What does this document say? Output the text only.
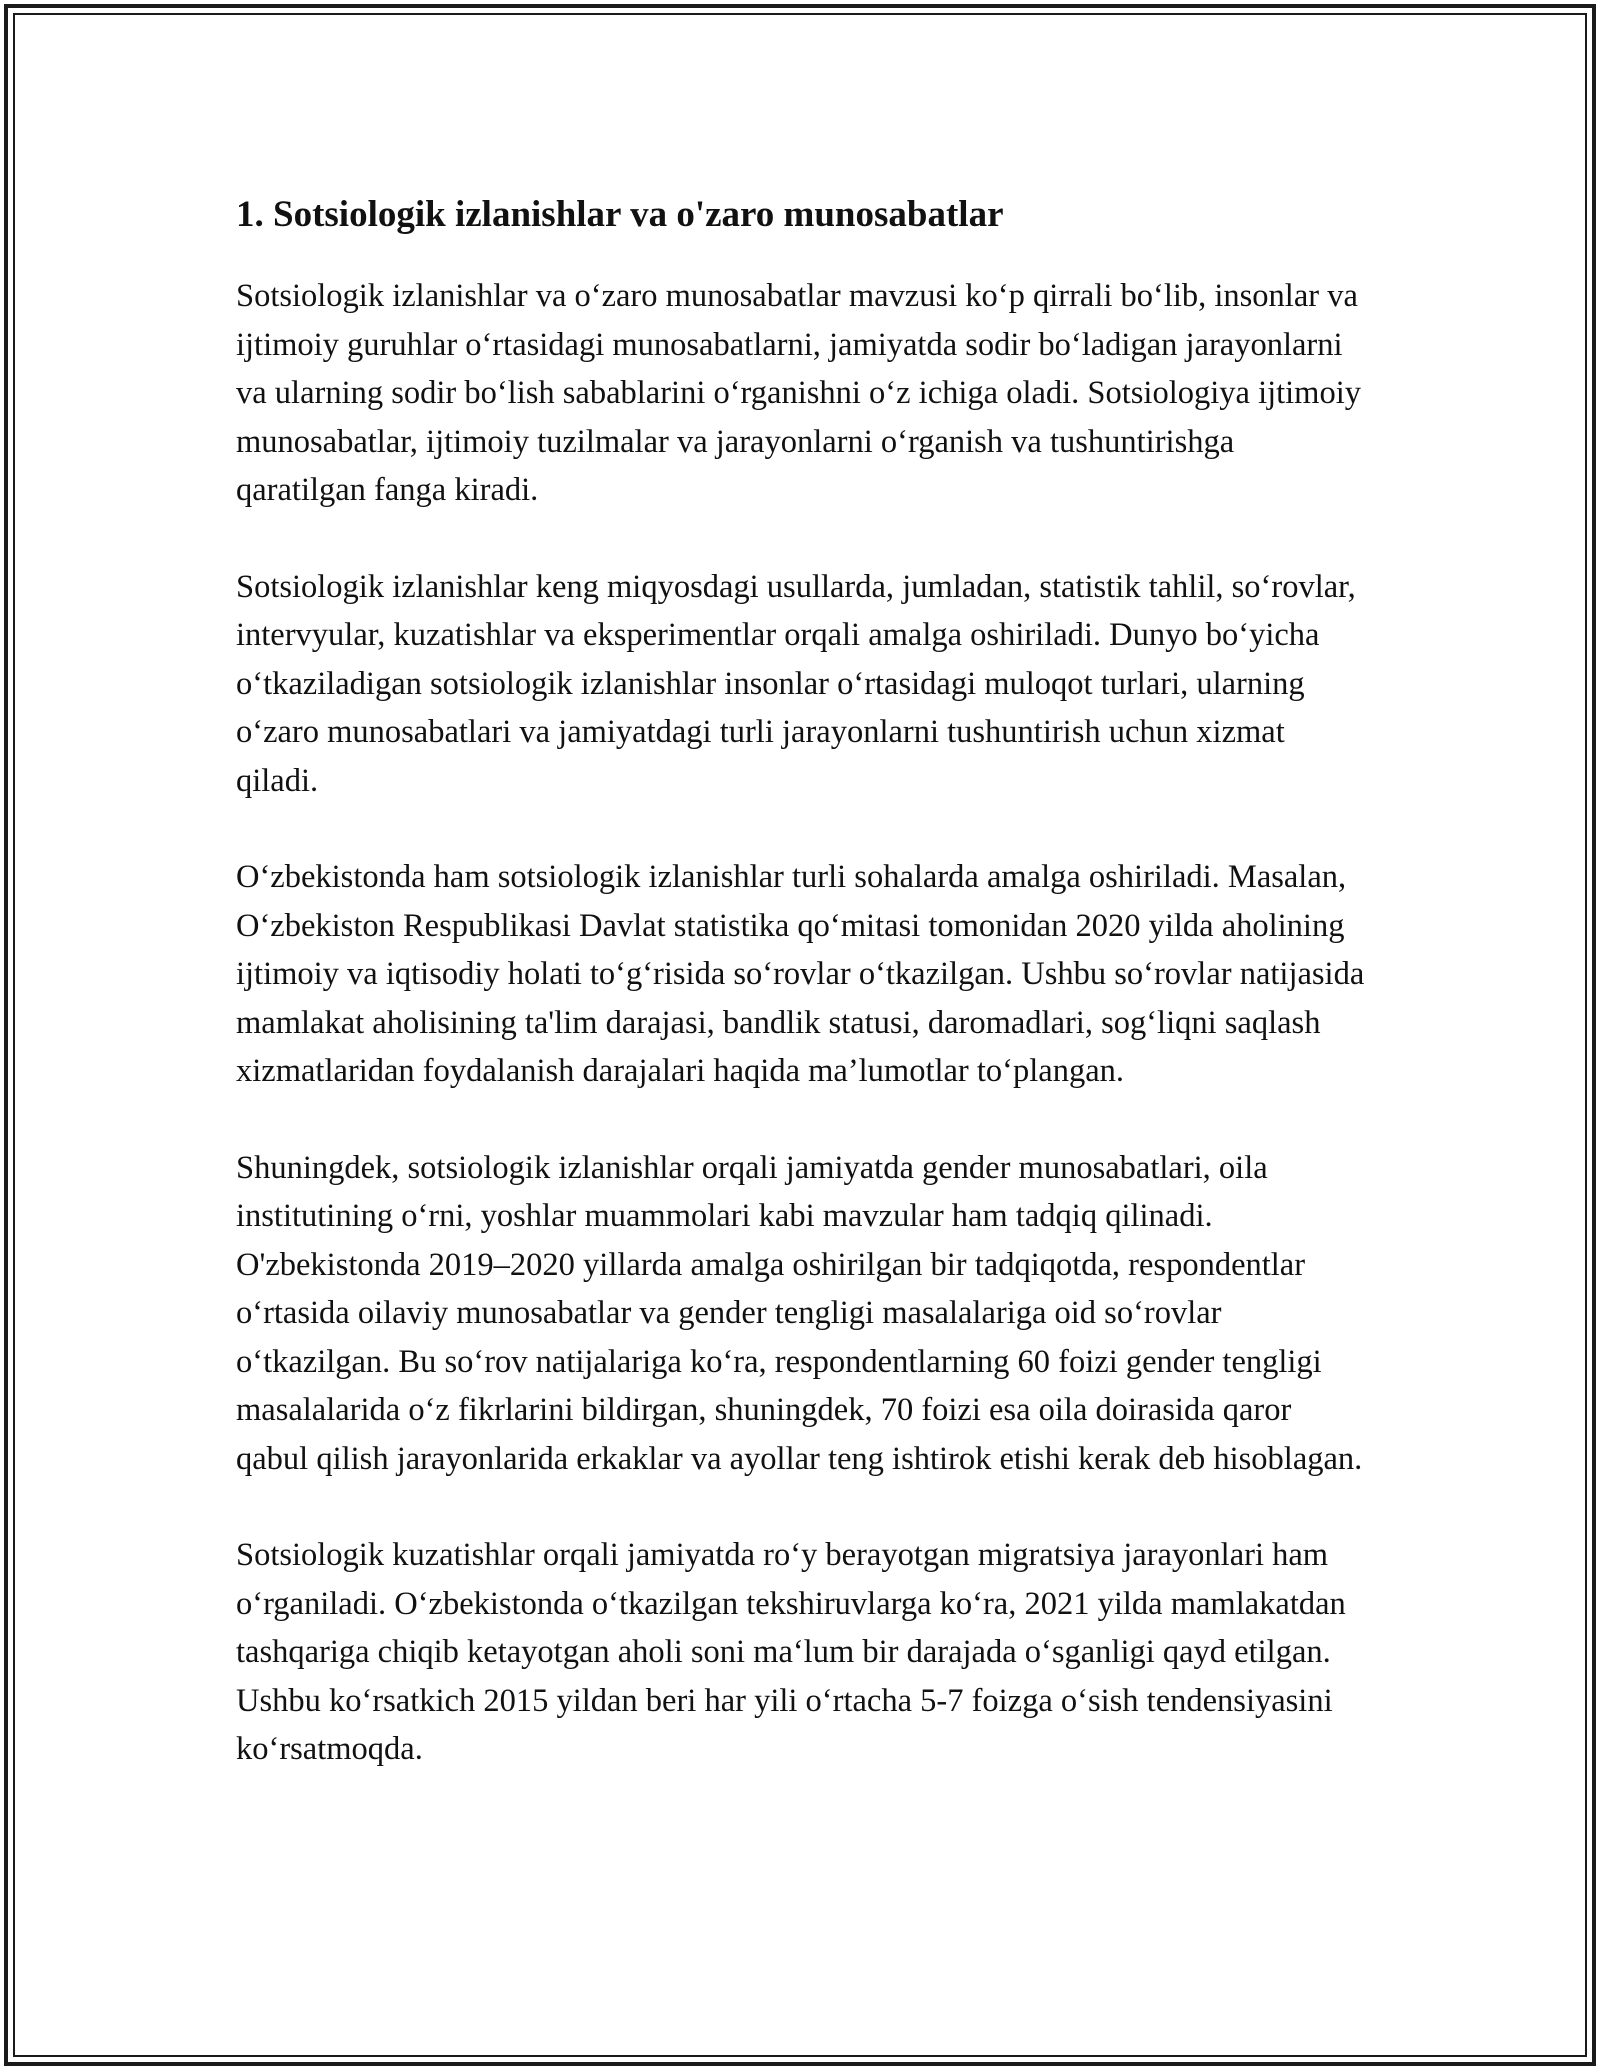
1. Sotsiologik izlanishlar va o'zaro munosabatlar

Sotsiologik izlanishlar va o‘zaro munosabatlar mavzusi ko‘p qirrali bo‘lib, insonlar va ijtimoiy guruhlar o‘rtasidagi munosabatlarni, jamiyatda sodir bo‘ladigan jarayonlarni va ularning sodir bo‘lish sabablarini o‘rganishni o‘z ichiga oladi. Sotsiologiya ijtimoiy munosabatlar, ijtimoiy tuzilmalar va jarayonlarni o‘rganish va tushuntirishga qaratilgan fanga kiradi.

Sotsiologik izlanishlar keng miqyosdagi usullarda, jumladan, statistik tahlil, so‘rovlar, intervyular, kuzatishlar va eksperimentlar orqali amalga oshiriladi. Dunyo bo‘yicha o‘tkaziladigan sotsiologik izlanishlar insonlar o‘rtasidagi muloqot turlari, ularning o‘zaro munosabatlari va jamiyatdagi turli jarayonlarni tushuntirish uchun xizmat qiladi.

O‘zbekistonda ham sotsiologik izlanishlar turli sohalarda amalga oshiriladi. Masalan, O‘zbekiston Respublikasi Davlat statistika qo‘mitasi tomonidan 2020 yilda aholining ijtimoiy va iqtisodiy holati to‘g‘risida so‘rovlar o‘tkazilgan. Ushbu so‘rovlar natijasida mamlakat aholisining ta'lim darajasi, bandlik statusi, daromadlari, sog‘liqni saqlash xizmatlaridan foydalanish darajalari haqida ma’lumotlar to‘plangan.

Shuningdek, sotsiologik izlanishlar orqali jamiyatda gender munosabatlari, oila institutining o‘rni, yoshlar muammolari kabi mavzular ham tadqiq qilinadi. O'zbekistonda 2019–2020 yillarda amalga oshirilgan bir tadqiqotda, respondentlar o‘rtasida oilaviy munosabatlar va gender tengligi masalalariga oid so‘rovlar o‘tkazilgan. Bu so‘rov natijalariga ko‘ra, respondentlarning 60 foizi gender tengligi masalalarida o‘z fikrlarini bildirgan, shuningdek, 70 foizi esa oila doirasida qaror qabul qilish jarayonlarida erkaklar va ayollar teng ishtirok etishi kerak deb hisoblagan.

Sotsiologik kuzatishlar orqali jamiyatda ro‘y berayotgan migratsiya jarayonlari ham o‘rganiladi. O‘zbekistonda o‘tkazilgan tekshiruvlarga ko‘ra, 2021 yilda mamlakatdan tashqariga chiqib ketayotgan aholi soni ma‘lum bir darajada o‘sganligi qayd etilgan. Ushbu ko‘rsatkich 2015 yildan beri har yili o‘rtacha 5-7 foizga o‘sish tendensiyasini ko‘rsatmoqda.
